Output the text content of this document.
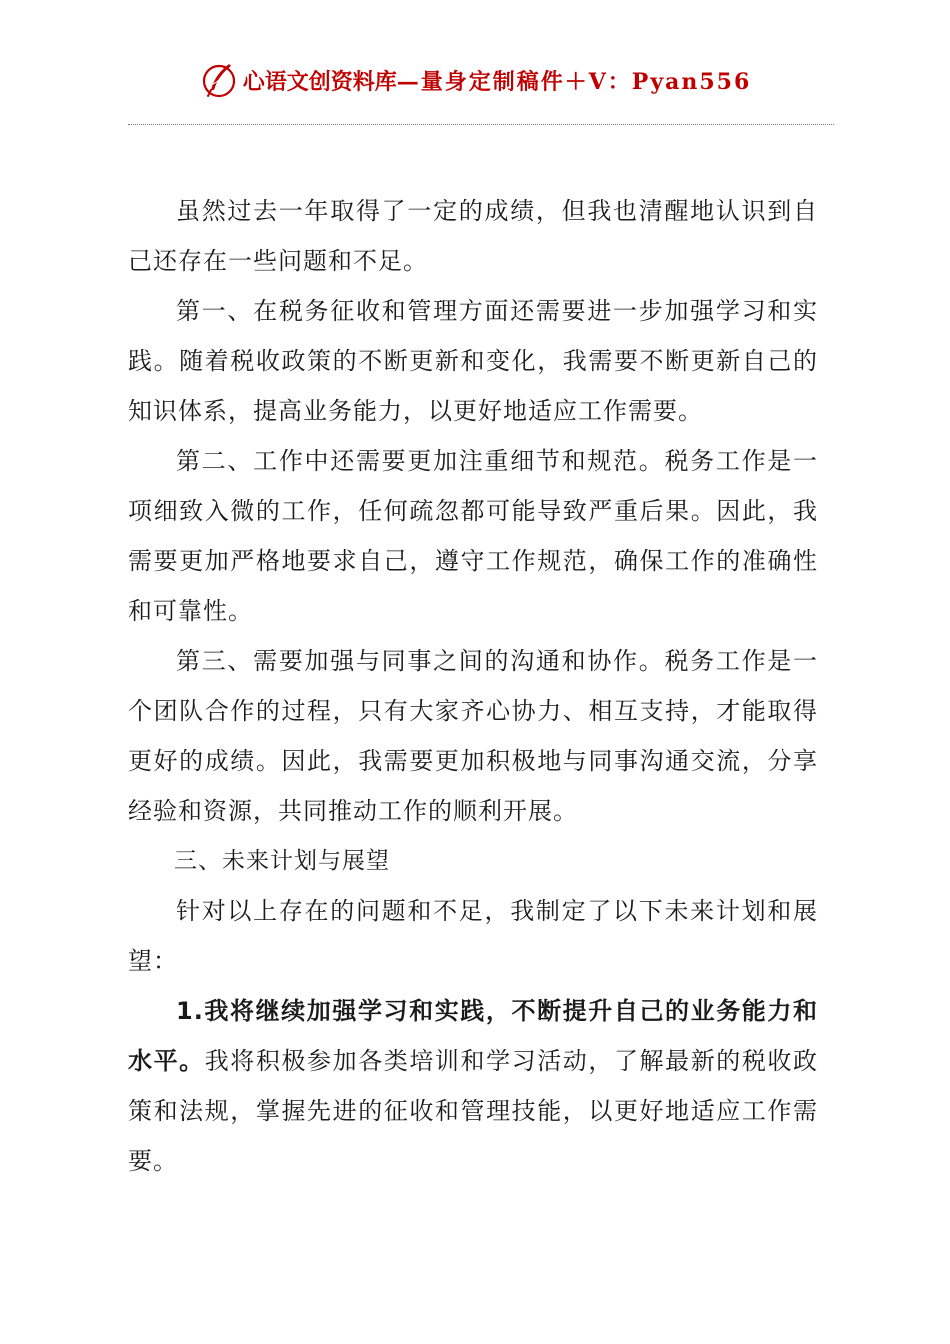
心语文创资料库—量身定制稿件＋V：Pyan556

虽然过去一年取得了一定的成绩，但我也清醒地认识到自己还存在一些问题和不足。

第一、在税务征收和管理方面还需要进一步加强学习和实践。随着税收政策的不断更新和变化，我需要不断更新自己的知识体系，提高业务能力，以更好地适应工作需要。

第二、工作中还需要更加注重细节和规范。税务工作是一项细致入微的工作，任何疏忽都可能导致严重后果。因此，我需要更加严格地要求自己，遵守工作规范，确保工作的准确性和可靠性。

第三、需要加强与同事之间的沟通和协作。税务工作是一个团队合作的过程，只有大家齐心协力、相互支持，才能取得更好的成绩。因此，我需要更加积极地与同事沟通交流，分享经验和资源，共同推动工作的顺利开展。

三、未来计划与展望

针对以上存在的问题和不足，我制定了以下未来计划和展望：

1.我将继续加强学习和实践，不断提升自己的业务能力和水平。我将积极参加各类培训和学习活动，了解最新的税收政策和法规，掌握先进的征收和管理技能，以更好地适应工作需要。
